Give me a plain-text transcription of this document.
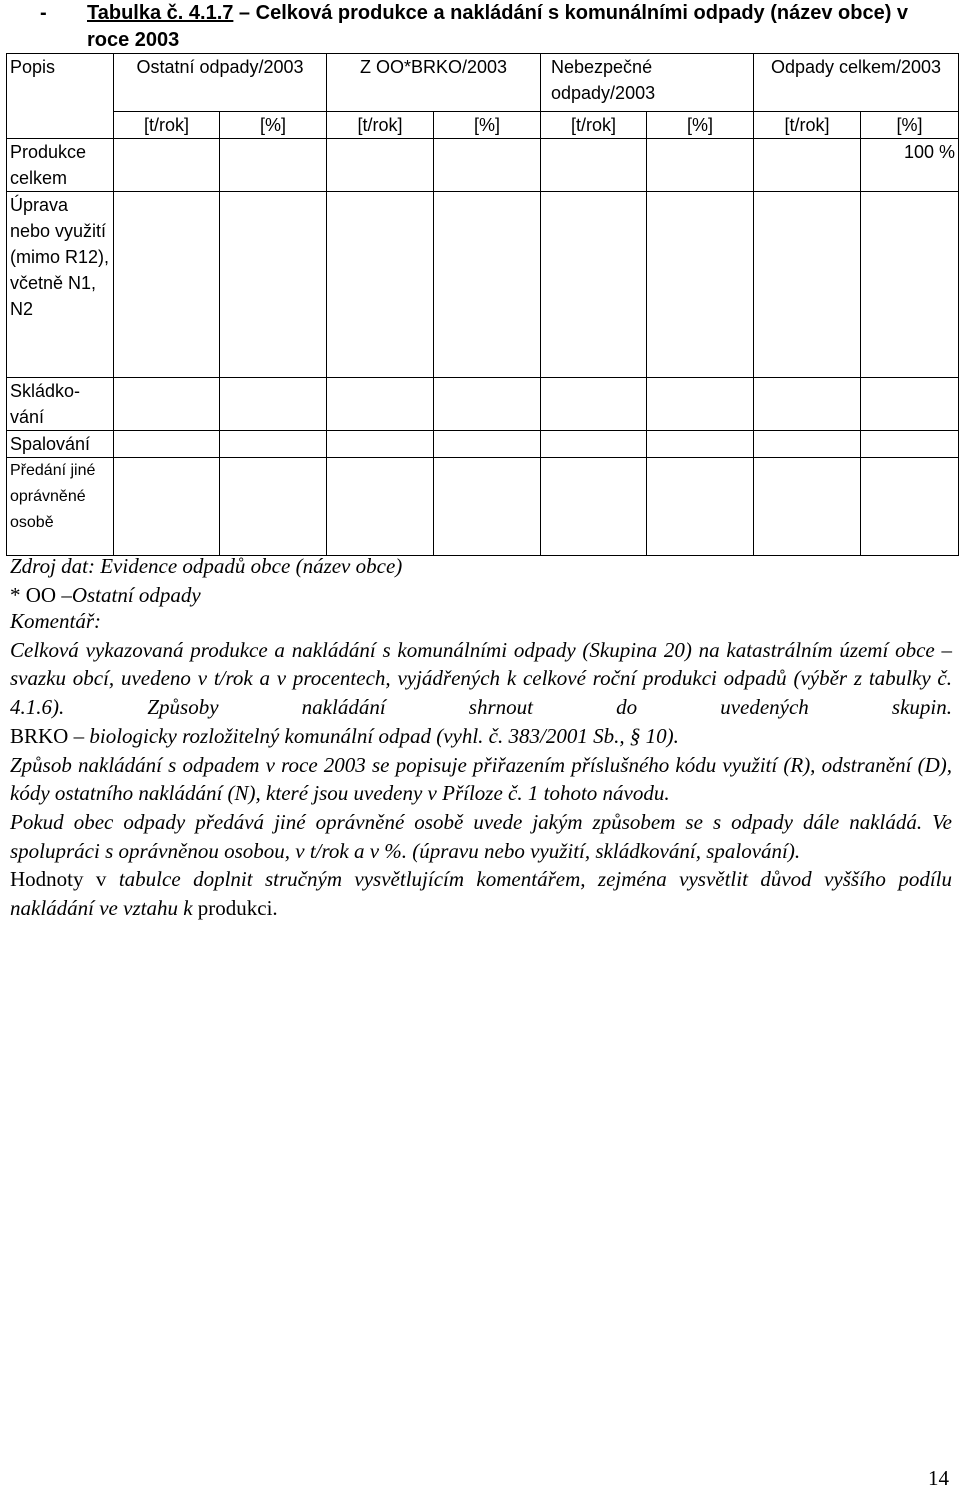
-	Tabulka č. 4.1.7 – Celková produkce a nakládání s komunálními odpady (název obce) v roce 2003
Popis	Ostatní odpady/2003		Z OO*BRKO/2003		Nebezpečné odpady/2003		Odpady celkem/2003	
	[t/rok]	[%]	[t/rok]	[%]	[t/rok]	[%]	[t/rok]	[%]
Produkce celkem								100 %
Úprava nebo využití (mimo R12), včetně N1, N2								
Skládko-vání								
Spalování								
Předání jiné oprávněné osobě								
Zdroj dat: Evidence odpadů obce (název obce)
* OO –Ostatní odpady

Komentář:

Celková vykazovaná produkce a nakládání s komunálními odpady (Skupina 20) na katastrálním území obce – svazku obcí, uvedeno v t/rok a v procentech, vyjádřených k celkové roční produkci odpadů (výběr z tabulky č. 4.1.6).	Způsoby nakládání shrnout do uvedených skupin.

BRKO – biologicky rozložitelný komunální odpad (vyhl. č. 383/2001 Sb., § 10).

Způsob nakládání s odpadem v roce 2003 se popisuje přiřazením příslušného kódu využití (R), odstranění (D), kódy ostatního nakládání (N), které jsou uvedeny v Příloze č. 1 tohoto návodu.

Pokud obec odpady předává jiné oprávněné osobě uvede jakým způsobem se s odpady dále nakládá. Ve spolupráci s oprávněnou osobou, v t/rok a v %. (úpravu nebo využití, skládkování, spalování).

Hodnoty v tabulce doplnit stručným vysvětlujícím komentářem, zejména vysvětlit důvod vyššího podílu nakládání ve vztahu k produkci.

14
